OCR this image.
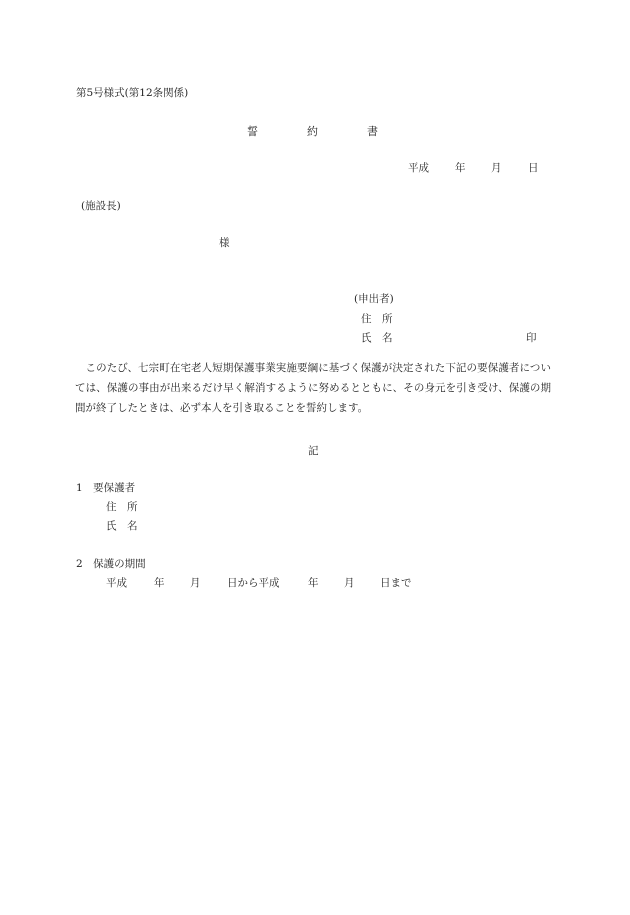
第5号様式(第12条関係)
誓	約	書
平成 年 月	日
(施設長)
様
(申出者)
住　所
氏　名	印
このたび、七宗町在宅老人短期保護事業実施要綱に基づく保護が決定された下記の要保護者については、保護の事由が出来るだけ早く解消するように努めるとともに、その身元を引き受け、保護の期間が終了したときは、必ず本人を引き取ることを誓約します。
記
1　要保護者
住　所
氏　名
2　保護の期間
平成	年 月	日から平成	年 月 日まで
